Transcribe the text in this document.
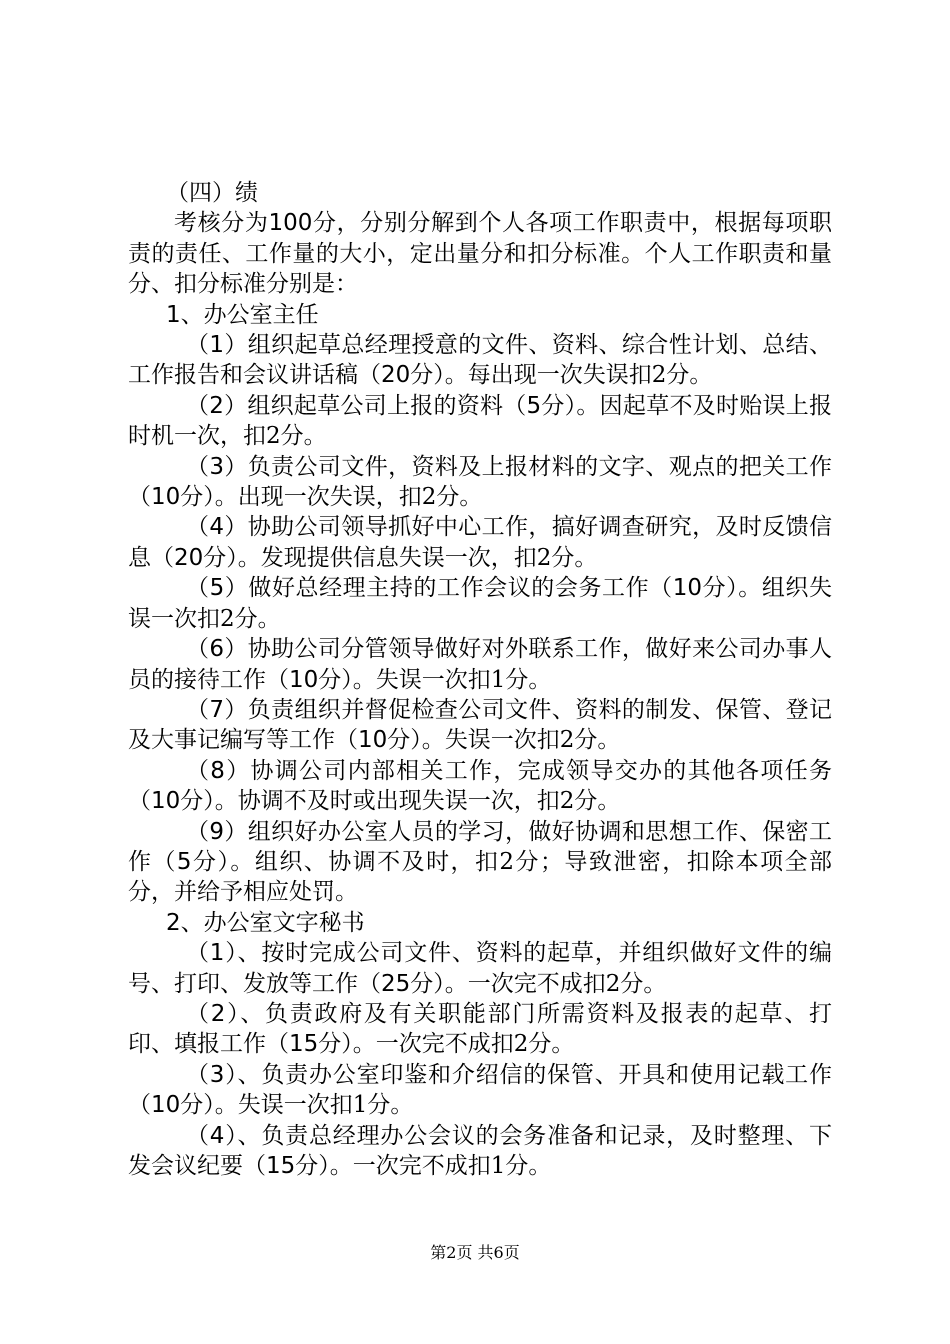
（四）绩

考核分为100分，分别分解到个人各项工作职责中，根据每项职责的责任、工作量的大小，定出量分和扣分标准。个人工作职责和量分、扣分标准分别是：

1、办公室主任

（1）组织起草总经理授意的文件、资料、综合性计划、总结、工作报告和会议讲话稿（20分）。每出现一次失误扣2分。

（2）组织起草公司上报的资料（5分）。因起草不及时贻误上报时机一次，扣2分。

（3）负责公司文件，资料及上报材料的文字、观点的把关工作（10分）。出现一次失误，扣2分。

（4）协助公司领导抓好中心工作，搞好调查研究，及时反馈信息（20分）。发现提供信息失误一次，扣2分。

（5）做好总经理主持的工作会议的会务工作（10分）。组织失误一次扣2分。

（6）协助公司分管领导做好对外联系工作，做好来公司办事人员的接待工作（10分）。失误一次扣1分。

（7）负责组织并督促检查公司文件、资料的制发、保管、登记及大事记编写等工作（10分）。失误一次扣2分。

（8）协调公司内部相关工作，完成领导交办的其他各项任务（10分）。协调不及时或出现失误一次，扣2分。

（9）组织好办公室人员的学习，做好协调和思想工作、保密工作（5分）。组织、协调不及时，扣2分；导致泄密，扣除本项全部分，并给予相应处罚。

2、办公室文字秘书

（1）、按时完成公司文件、资料的起草，并组织做好文件的编号、打印、发放等工作（25分）。一次完不成扣2分。

（2）、负责政府及有关职能部门所需资料及报表的起草、打印、填报工作（15分）。一次完不成扣2分。

（3）、负责办公室印鉴和介绍信的保管、开具和使用记载工作（10分）。失误一次扣1分。

（4）、负责总经理办公会议的会务准备和记录，及时整理、下发会议纪要（15分）。一次完不成扣1分。

第2页 共6页
